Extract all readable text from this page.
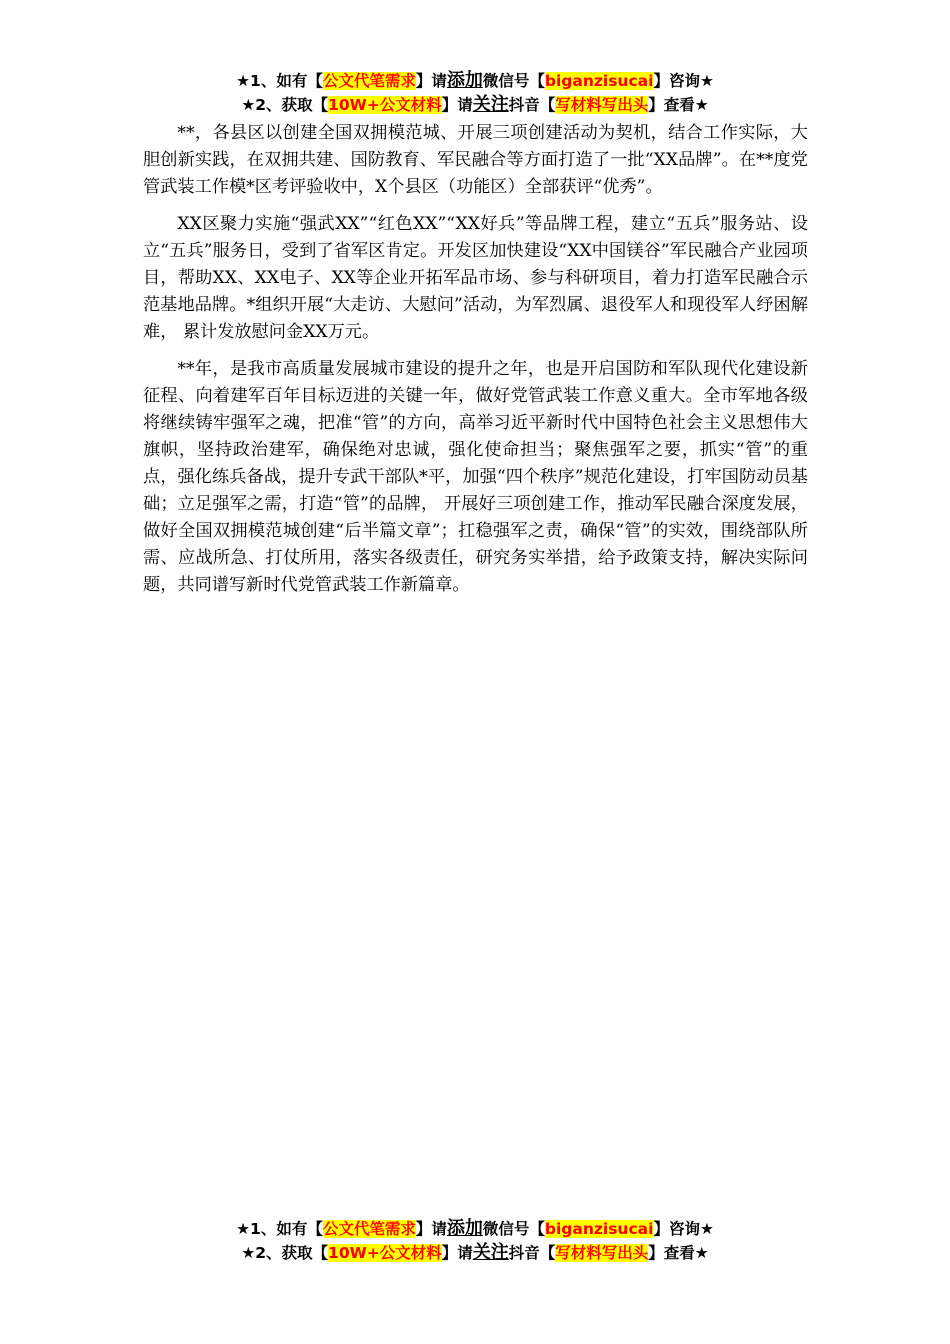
★1、如有【公文代笔需求】请添加微信号【biganzisucai】咨询★
★2、获取【10W+公文材料】请关注抖音【写材料写出头】查看★

**，各县区以创建全国双拥模范城、开展三项创建活动为契机，结合工作实际，大胆创新实践，在双拥共建、国防教育、军民融合等方面打造了一批“XX品牌”。在**度党管武装工作模*区考评验收中，X个县区（功能区）全部获评“优秀”。

XX区聚力实施“强武XX”“红色XX”“XX好兵”等品牌工程，建立“五兵”服务站、设立“五兵”服务日，受到了省军区肯定。开发区加快建设“XX中国镁谷”军民融合产业园项目，帮助XX、XX电子、XX等企业开拓军品市场、参与科研项目，着力打造军民融合示范基地品牌。*组织开展“大走访、大慰问”活动，为军烈属、退役军人和现役军人纾困解难， 累计发放慰问金XX万元。

**年，是我市高质量发展城市建设的提升之年，也是开启国防和军队现代化建设新征程、向着建军百年目标迈进的关键一年，做好党管武装工作意义重大。全市军地各级将继续铸牢强军之魂，把准“管”的方向，高举习近平新时代中国特色社会主义思想伟大旗帜，坚持政治建军，确保绝对忠诚，强化使命担当；聚焦强军之要，抓实“管”的重点，强化练兵备战，提升专武干部队*平，加强“四个秩序”规范化建设，打牢国防动员基础；立足强军之需，打造“管”的品牌， 开展好三项创建工作，推动军民融合深度发展，做好全国双拥模范城创建“后半篇文章”；扛稳强军之责，确保“管”的实效，围绕部队所需、应战所急、打仗所用，落实各级责任，研究务实举措，给予政策支持，解决实际问题，共同谱写新时代党管武装工作新篇章。

★1、如有【公文代笔需求】请添加微信号【biganzisucai】咨询★
★2、获取【10W+公文材料】请关注抖音【写材料写出头】查看★
